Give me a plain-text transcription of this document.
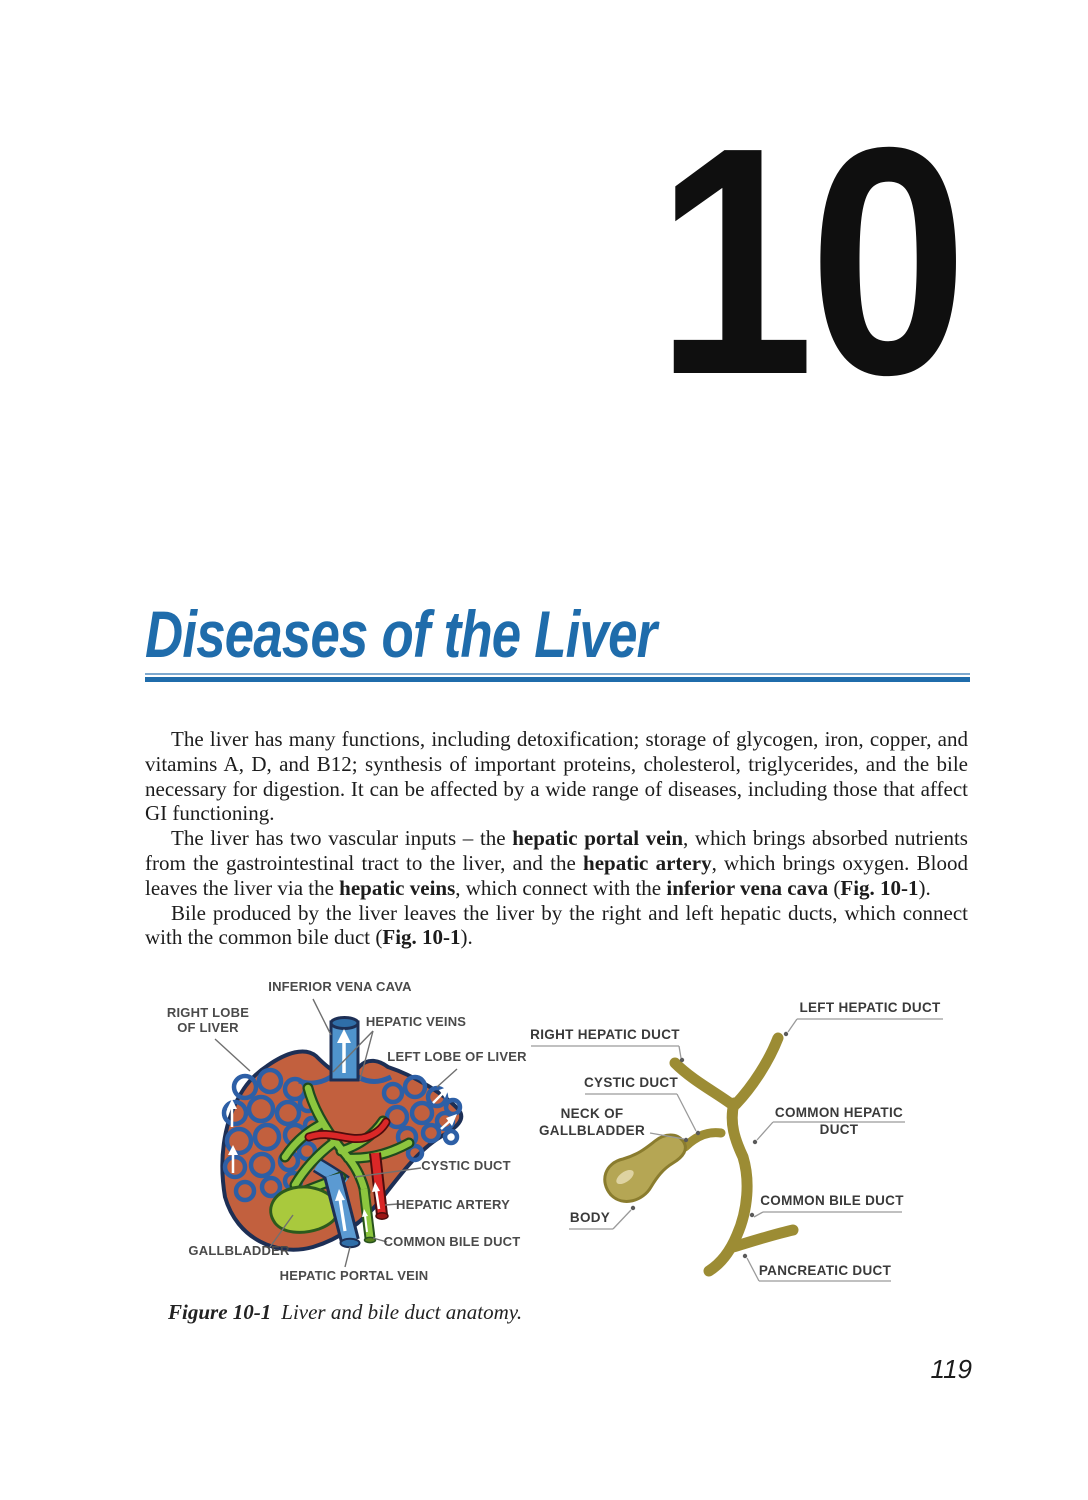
10
Diseases of the Liver

The liver has many functions, including detoxification; storage of glycogen, iron, copper, and vitamins A, D, and B12; synthesis of important proteins, cholesterol, triglycerides, and the bile necessary for digestion. It can be affected by a wide range of diseases, including those that affect GI functioning.

The liver has two vascular inputs – the hepatic portal vein, which brings absorbed nutrients from the gastrointestinal tract to the liver, and the hepatic artery, which brings oxygen. Blood leaves the liver via the hepatic veins, which connect with the inferior vena cava (Fig. 10-1).

Bile produced by the liver leaves the liver by the right and left hepatic ducts, which connect with the common bile duct (Fig. 10-1).

INFERIOR VENA CAVA
RIGHT LOBE OF LIVER	HEPATIC VEINS
LEFT LOBE OF LIVER
CYSTIC DUCT
HEPATIC ARTERY
COMMON BILE DUCT
GALLBLADDER
HEPATIC PORTAL VEIN
LEFT HEPATIC DUCT
RIGHT HEPATIC DUCT
CYSTIC DUCT
NECK OF GALLBLADDER
COMMON HEPATIC DUCT
COMMON BILE DUCT
BODY
PANCREATIC DUCT
Figure 10-1 Liver and bile duct anatomy.
119
